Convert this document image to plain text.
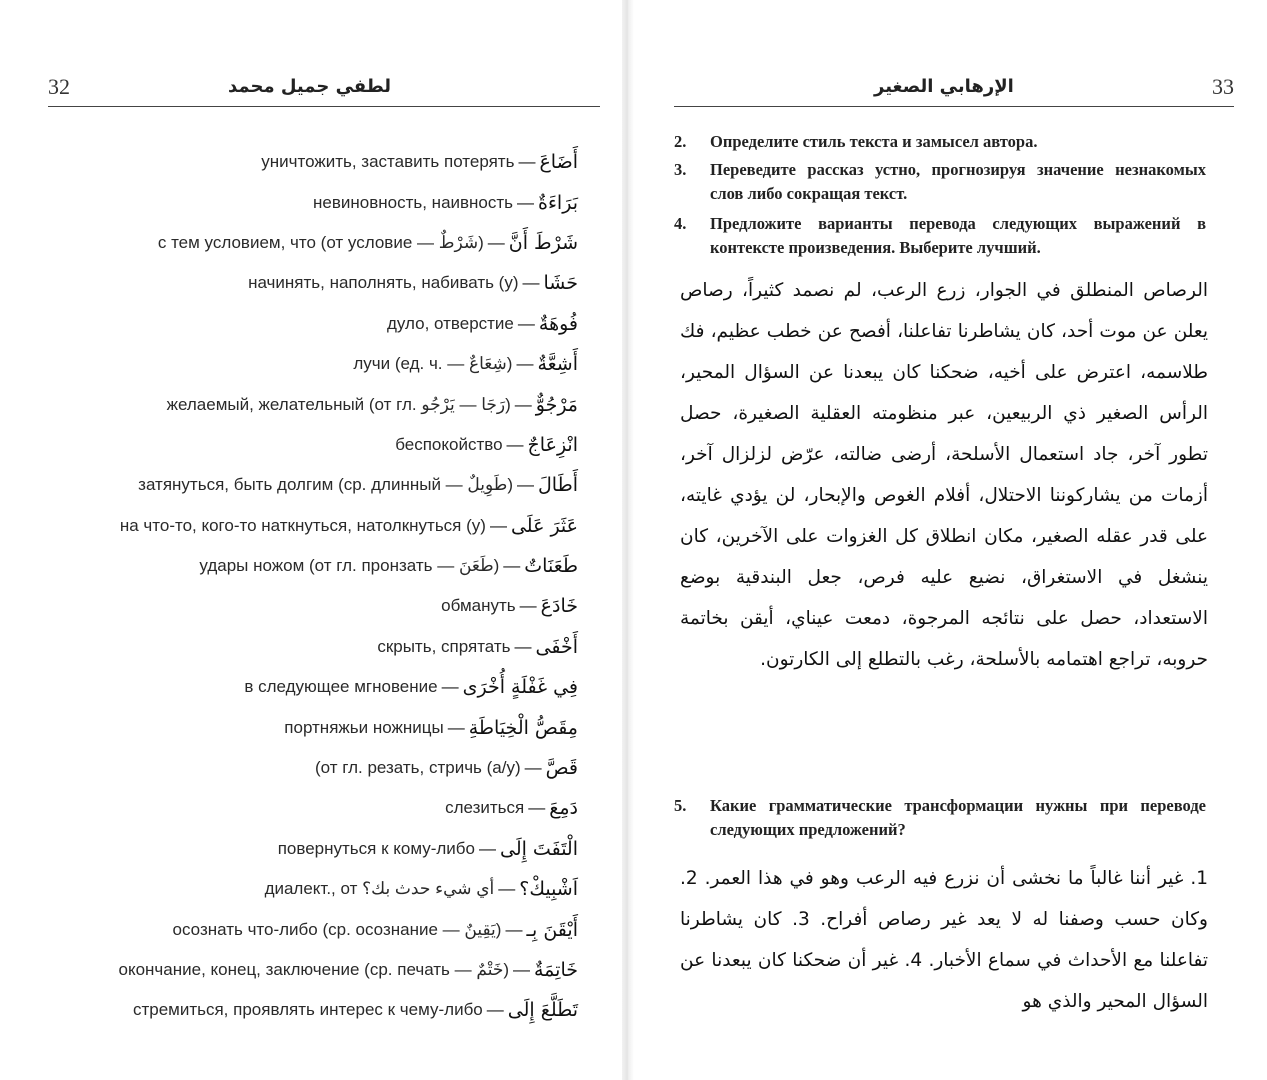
32	لطفي جميل محمد
уничтожить, заставить потерять — أَضَاعَ
невиновность, наивность — بَرَاءَةٌ
с тем условием, что (от условие — شَرْطٌ) — شَرْطَ أَنَّ
начинять, наполнять, набивать (у) — حَشَا
дуло, отверстие — فُوهَةٌ
лучи (ед. ч. — شِعَاعٌ) — أَشِعَّةٌ
желаемый, желательный (от гл. رَجَا — يَرْجُو) — مَرْجُوٌّ
беспокойство — انْزِعَاجٌ
затянуться, быть долгим (ср. длинный — طَوِيلٌ) — أَطَالَ
на что-то, кого-то наткнуться, натолкнуться (у) — عَثَرَ عَلَى
удары ножом (от гл. пронзать — طَعَنَ) — طَعَنَاتٌ
обмануть — خَادَعَ
скрыть, спрятать — أَخْفَى
в следующее мгновение — فِي غَفْلَةٍ أُخْرَى
портняжьи ножницы — مِقَصُّ الْخِيَاطَةِ
(от гл. резать, стричь (а/у) — قَصَّ
слезиться — دَمِعَ
повернуться к кому-либо — الْتَفَتَ إِلَى
диалект., от أي شيء حدث بك؟ — اَشْبِيكْ؟
осознать что-либо (ср. осознание — يَقِينٌ) — أَيْقَنَ بِـ
окончание, конец, заключение (ср. печать — خَتْمٌ) — خَاتِمَةٌ
стремиться, проявлять интерес к чему-либо — تَطَلَّعَ إِلَى
الإرهابي الصغير	33
2. Определите стиль текста и замысел автора.
3. Переведите рассказ устно, прогнозируя значение незнакомых слов либо сокращая текст.
4. Предложите варианты перевода следующих выражений в контексте произведения. Выберите лучший.
الرصاص المنطلق في الجوار، زرع الرعب، لم نصمد كثيراً، رصاص يعلن عن موت أحد، كان يشاطرنا تفاعلنا، أفصح عن خطب عظيم، فك طلاسمه، اعترض على أخيه، ضحكنا كان يبعدنا عن السؤال المحير، الرأس الصغير ذي الربيعين، عبر منظومته العقلية الصغيرة، حصل تطور آخر، جاد استعمال الأسلحة، أرضى ضالته، عرّض لزلزال آخر، أزمات من يشاركوننا الاحتلال، أفلام الغوص والإبحار، لن يؤدي غايته، على قدر عقله الصغير، مكان انطلاق كل الغزوات على الآخرين، كان ينشغل في الاستغراق، نضيع عليه فرص، جعل البندقية بوضع الاستعداد، حصل على نتائجه المرجوة، دمعت عيناي، أيقن بخاتمة حروبه، تراجع اهتمامه بالأسلحة، رغب بالتطلع إلى الكارتون.
5. Какие грамматические трансформации нужны при переводе следующих предложений?
1. غير أننا غالباً ما نخشى أن نزرع فيه الرعب وهو في هذا العمر. 2. وكان حسب وصفنا له لا يعد غير رصاص أفراح. 3. كان يشاطرنا تفاعلنا مع الأحداث في سماع الأخبار. 4. غير أن ضحكنا كان يبعدنا عن السؤال المحير والذي هو
